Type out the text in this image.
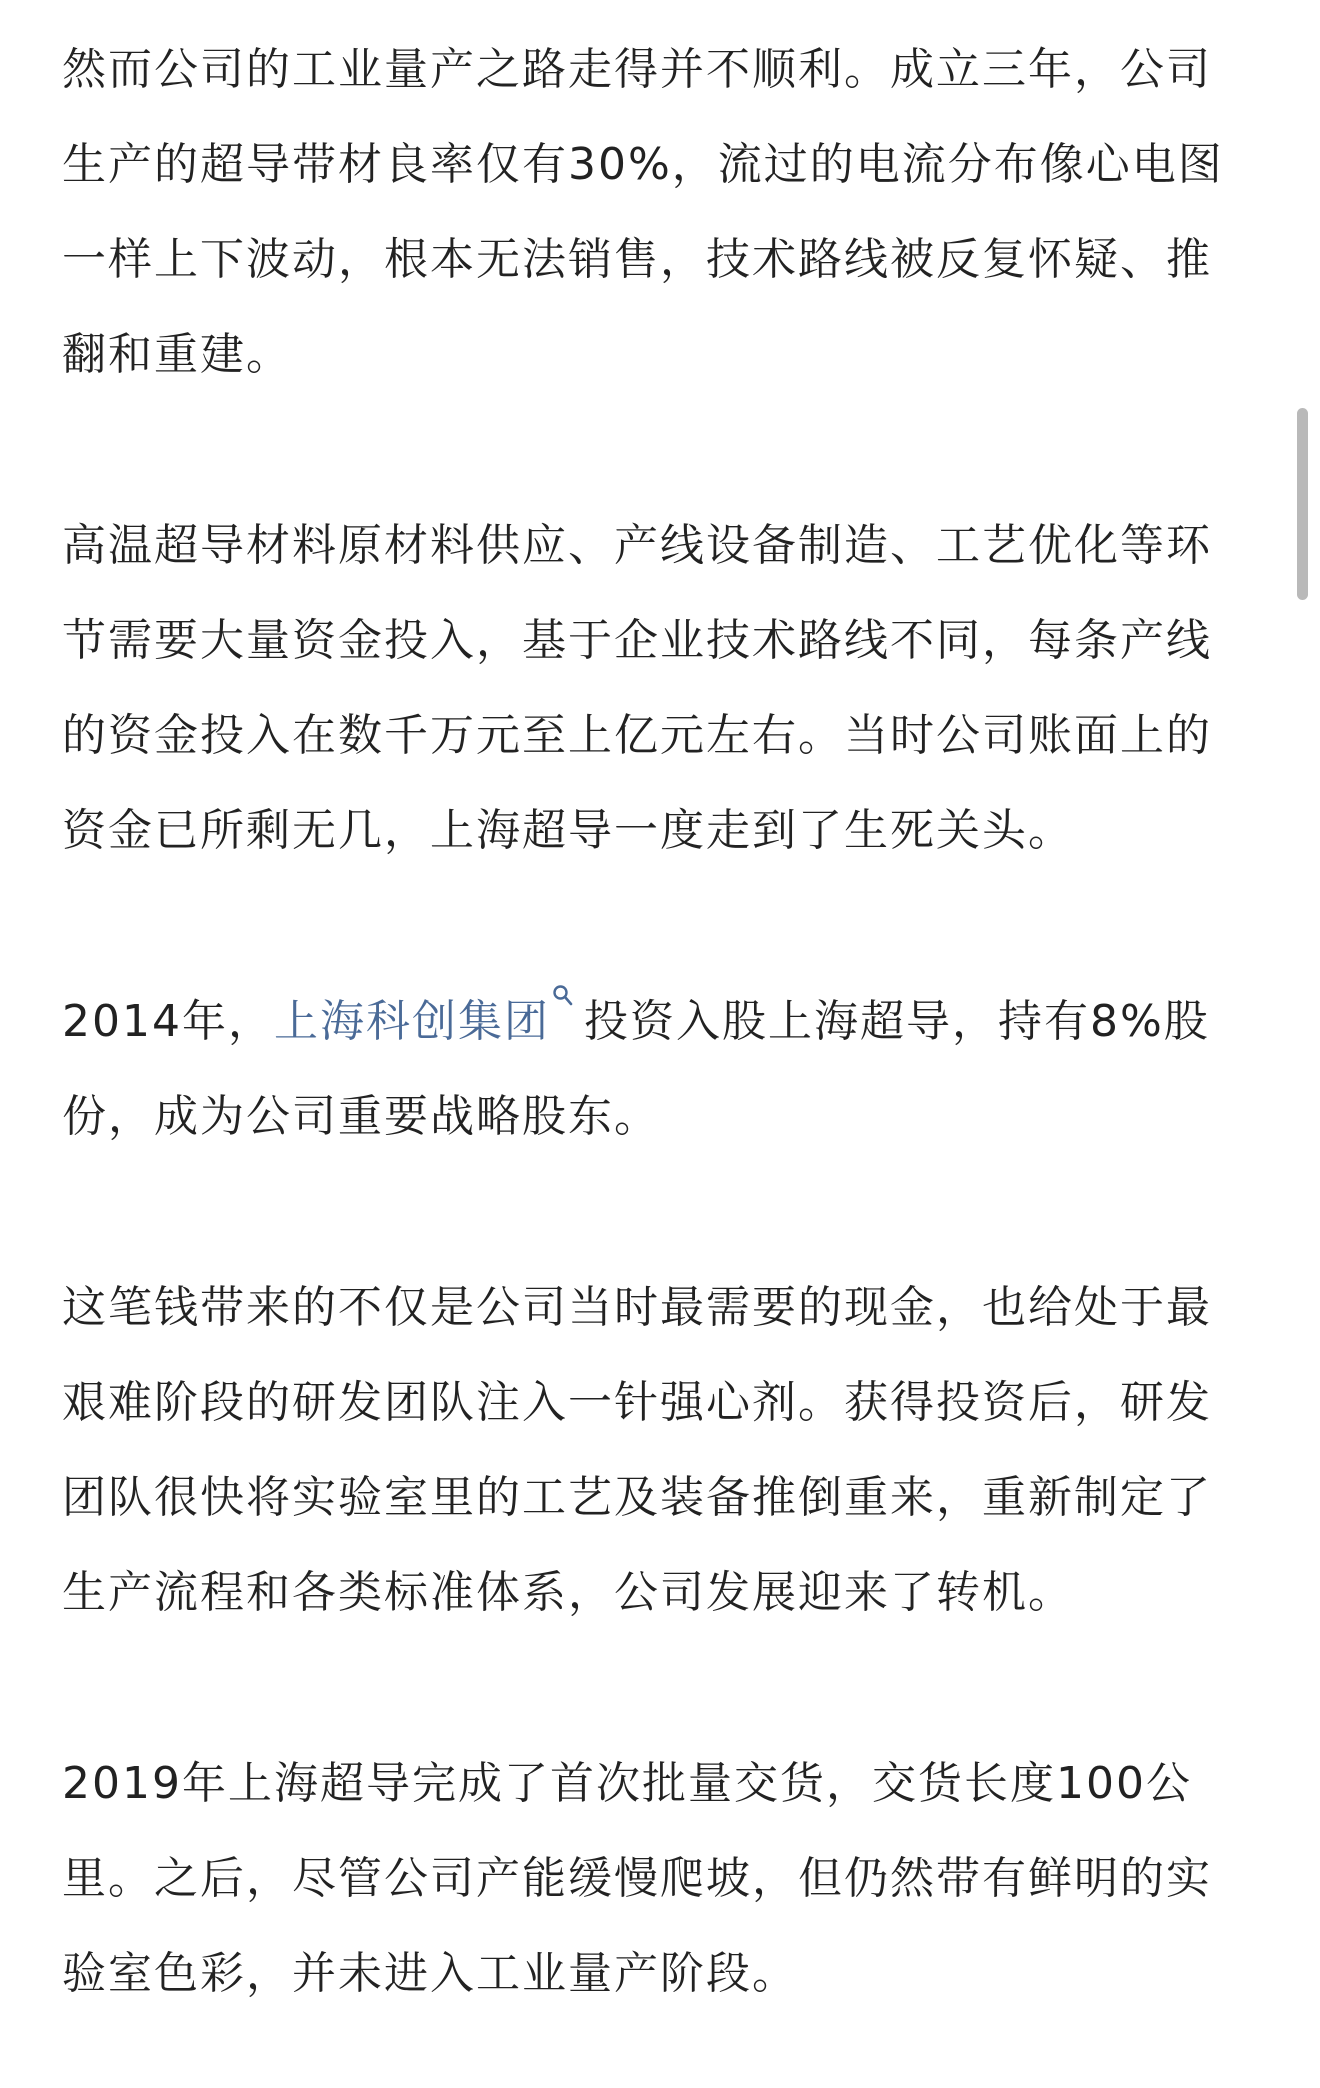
然而公司的工业量产之路走得并不顺利。成立三年，公司生产的超导带材良率仅有30%，流过的电流分布像心电图一样上下波动，根本无法销售，技术路线被反复怀疑、推翻和重建。

高温超导材料原材料供应、产线设备制造、工艺优化等环节需要大量资金投入，基于企业技术路线不同，每条产线的资金投入在数千万元至上亿元左右。当时公司账面上的资金已所剩无几，上海超导一度走到了生死关头。

2014年，上海科创集团 投资入股上海超导，持有8%股份，成为公司重要战略股东。

这笔钱带来的不仅是公司当时最需要的现金，也给处于最艰难阶段的研发团队注入一针强心剂。获得投资后，研发团队很快将实验室里的工艺及装备推倒重来，重新制定了生产流程和各类标准体系，公司发展迎来了转机。

2019年上海超导完成了首次批量交货，交货长度100公里。之后，尽管公司产能缓慢爬坡，但仍然带有鲜明的实验室色彩，并未进入工业量产阶段。
